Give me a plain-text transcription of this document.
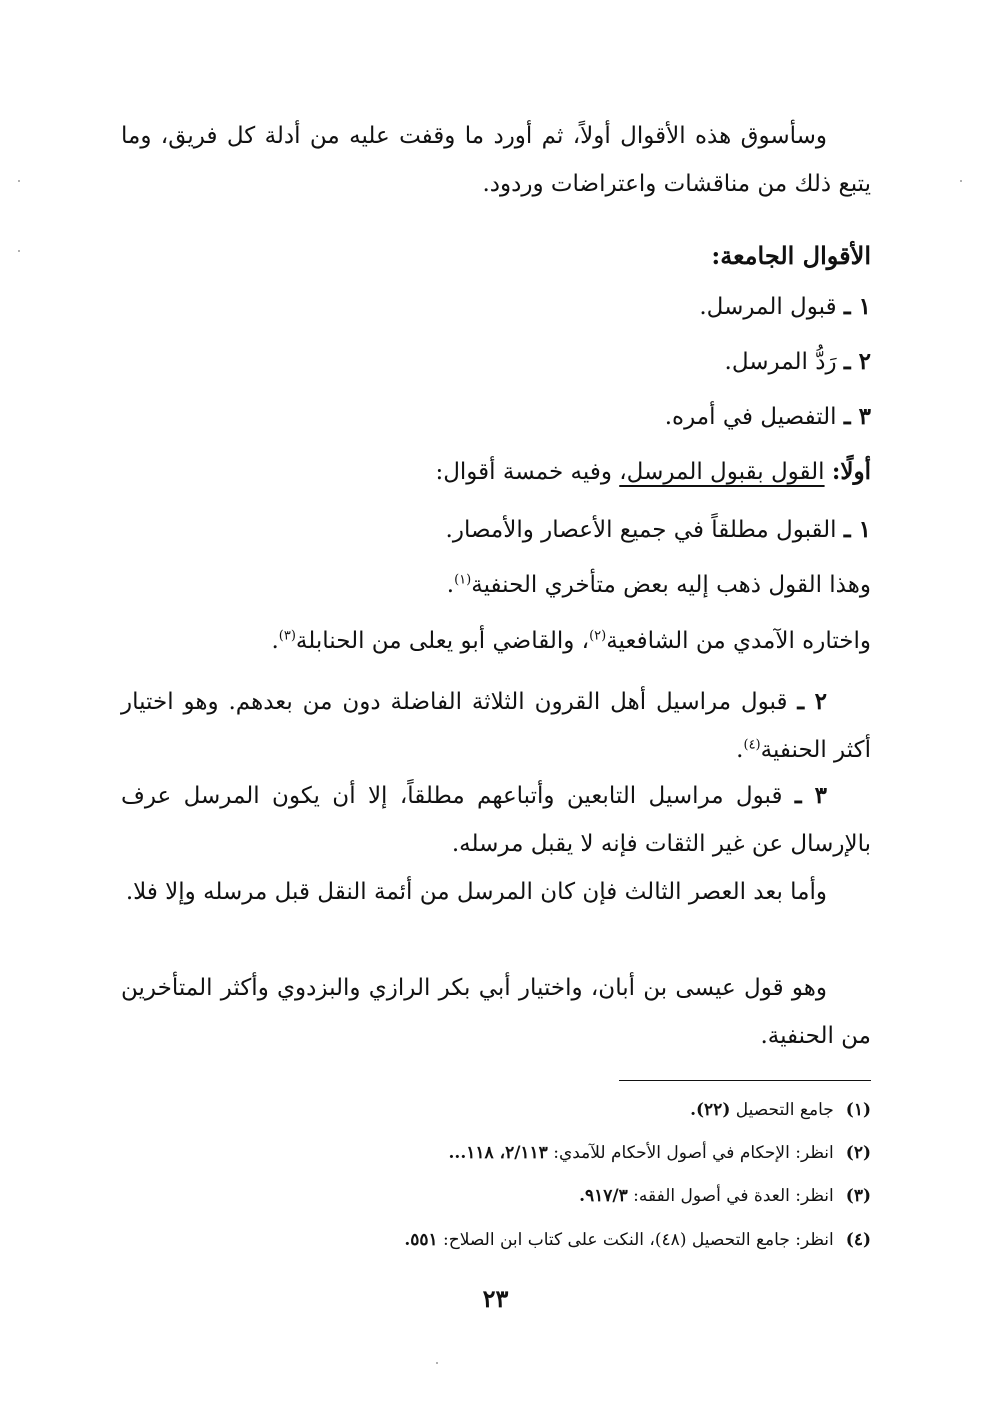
وسأسوق هذه الأقوال أولاً، ثم أورد ما وقفت عليه من أدلة كل فريق، وما يتبع ذلك من مناقشات واعتراضات وردود.

الأقوال الجامعة:
١ ـ قبول المرسل.
٢ ـ رَدُّ المرسل.
٣ ـ التفصيل في أمره.
أولًا: القول بقبول المرسل، وفيه خمسة أقوال:
١ ـ القبول مطلقاً في جميع الأعصار والأمصار.
وهذا القول ذهب إليه بعض متأخري الحنفية$^{(١)}$.
واختاره الآمدي من الشافعية$^{(٢)}$، والقاضي أبو يعلى من الحنابلة$^{(٣)}$.

٢ ـ قبول مراسيل أهل القرون الثلاثة الفاضلة دون من بعدهم. وهو اختيار أكثر الحنفية$^{(٤)}$.

٣ ـ قبول مراسيل التابعين وأتباعهم مطلقاً، إلا أن يكون المرسل عرف بالإرسال عن غير الثقات فإنه لا يقبل مرسله.

وأما بعد العصر الثالث فإن كان المرسل من أئمة النقل قبل مرسله وإلا فلا.

وهو قول عيسى بن أبان، واختيار أبي بكر الرازي والبزدوي وأكثر المتأخرين من الحنفية.

(١)جامع التحصيل (٢٢).
(٢)انظر: الإحكام في أصول الأحكام للآمدي: ٢/١١٣، ١١٨...
(٣)انظر: العدة في أصول الفقه: ٩١٧/٣.
(٤)انظر: جامع التحصيل (٤٨)، النكت على كتاب ابن الصلاح: ٥٥١.
٢٣
